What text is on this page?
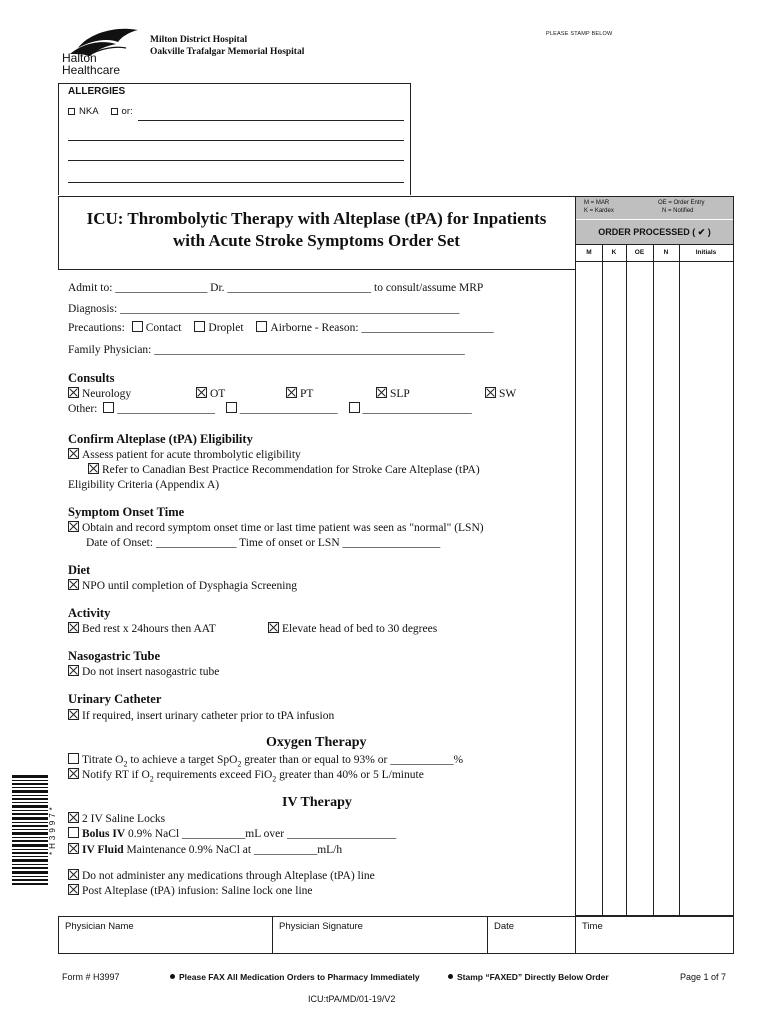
Halton
Healthcare
Milton District Hospital
Oakville Trafalgar Memorial Hospital
PLEASE STAMP BELOW
ALLERGIES
NKA or:
ICU: Thrombolytic Therapy with Alteplase (tPA) for Inpatients
with Acute Stroke Symptoms Order Set
M = MAR
K = Kardex
OE = Order Entry
N = Notified
ORDER PROCESSED ( ✔ )
M	K	OE	N	Initials
Admit to: ________________ Dr. _________________________ to consult/assume MRP
Diagnosis: ___________________________________________________________
Precautions: Contact Droplet Airborne - Reason: _______________________
Family Physician: ______________________________________________________
Consults
Neurology	OT	PT	SLP	SW
Other: _________________ _________________ ___________________
Confirm Alteplase (tPA) Eligibility
Assess patient for acute thrombolytic eligibility
Refer to Canadian Best Practice Recommendation for Stroke Care Alteplase (tPA)
Eligibility Criteria (Appendix A)
Symptom Onset Time
Obtain and record symptom onset time or last time patient was seen as "normal" (LSN)
Date of Onset: ______________ Time of onset or LSN _________________
Diet
NPO until completion of Dysphagia Screening
Activity
Bed rest x 24hours then AAT	Elevate head of bed to 30 degrees
Nasogastric Tube
Do not insert nasogastric tube
Urinary Catheter
If required, insert urinary catheter prior to tPA infusion
Oxygen Therapy
Titrate $O_2$ to achieve a target SpO$_2$ greater than or equal to 93% or ___________%
Notify RT if $O_2$ requirements exceed FiO$_2$ greater than 40% or 5 L/minute
IV Therapy
2 IV Saline Locks
Bolus IV 0.9% NaCl ___________mL over ___________________
IV Fluid Maintenance 0.9% NaCl at ___________mL/h
Do not administer any medications through Alteplase (tPA) line
Post Alteplase (tPA) infusion: Saline lock one line
*H3997*
Physician Name	Physician Signature	Date	Time
Form # H3997	Please FAX All Medication Orders to Pharmacy Immediately	Stamp “FAXED” Directly Below Order	Page 1 of 7
ICU:tPA/MD/01-19/V2
